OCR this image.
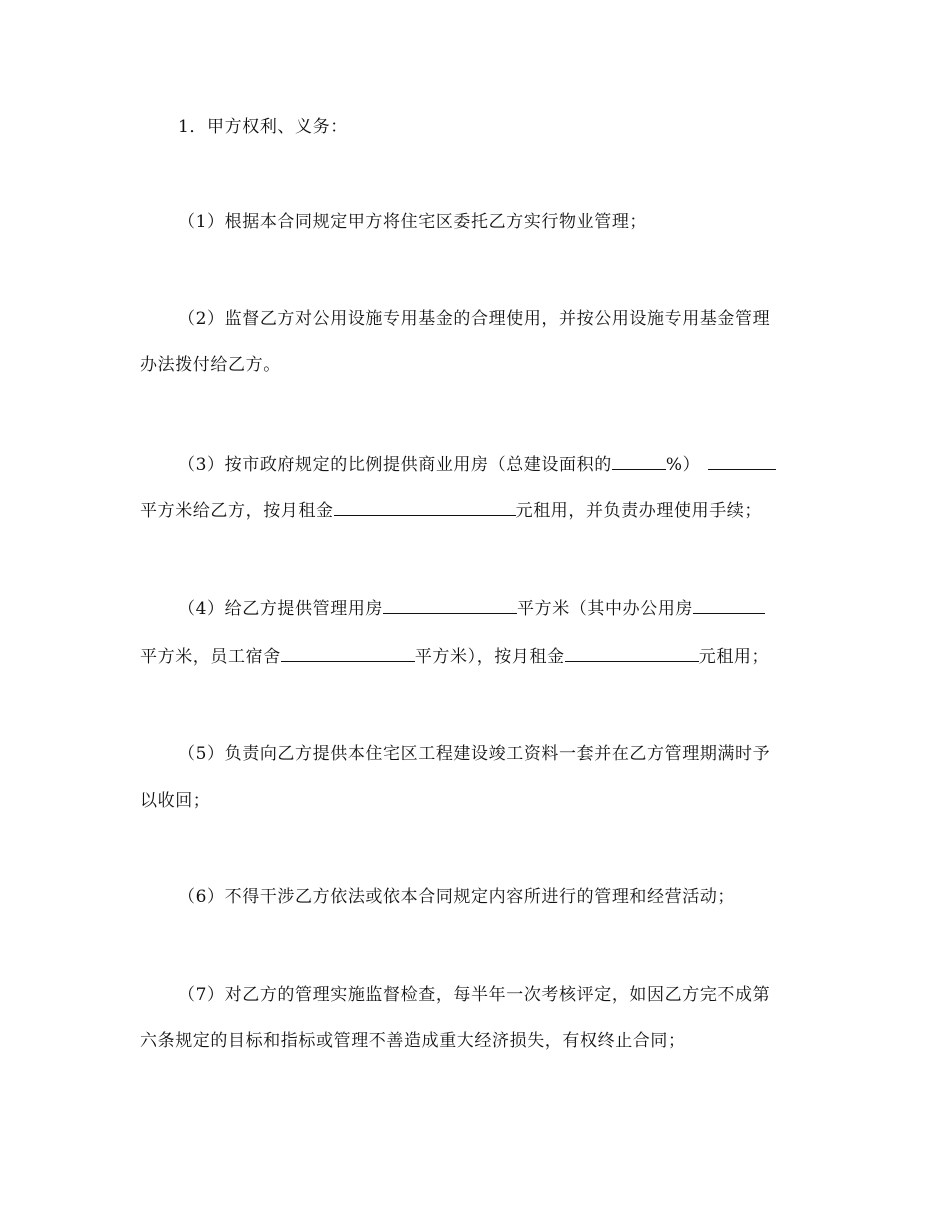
1．甲方权利、义务：
（1）根据本合同规定甲方将住宅区委托乙方实行物业管理；
（2）监督乙方对公用设施专用基金的合理使用，并按公用设施专用基金管理
办法拨付给乙方。
（3）按市政府规定的比例提供商业用房（总建设面积的	%）
平方米给乙方，按月租金	元租用，并负责办理使用手续；
（4）给乙方提供管理用房	平方米（其中办公用房
平方米，员工宿舍	平方米），按月租金	元租用；
（5）负责向乙方提供本住宅区工程建设竣工资料一套并在乙方管理期满时予
以收回；
（6）不得干涉乙方依法或依本合同规定内容所进行的管理和经营活动；
（7）对乙方的管理实施监督检查，每半年一次考核评定，如因乙方完不成第
六条规定的目标和指标或管理不善造成重大经济损失，有权终止合同；
